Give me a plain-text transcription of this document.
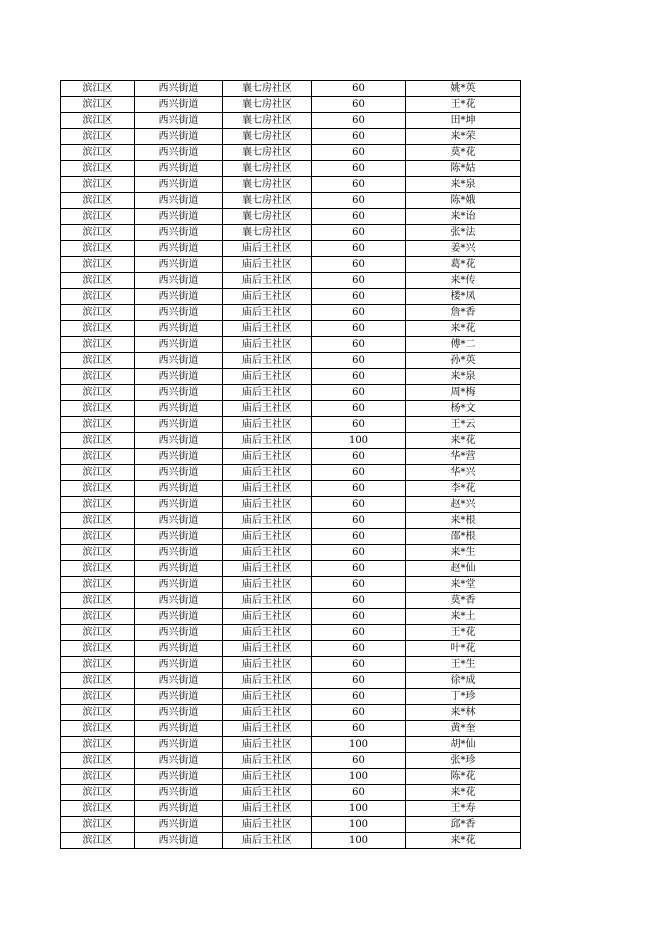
滨江区	西兴街道	襄七房社区	60	姚*英
滨江区	西兴街道	襄七房社区	60	王*花
滨江区	西兴街道	襄七房社区	60	田*坤
滨江区	西兴街道	襄七房社区	60	来*荣
滨江区	西兴街道	襄七房社区	60	莫*花
滨江区	西兴街道	襄七房社区	60	陈*姑
滨江区	西兴街道	襄七房社区	60	来*泉
滨江区	西兴街道	襄七房社区	60	陈*娥
滨江区	西兴街道	襄七房社区	60	来*诒
滨江区	西兴街道	襄七房社区	60	张*法
滨江区	西兴街道	庙后王社区	60	姜*兴
滨江区	西兴街道	庙后王社区	60	葛*花
滨江区	西兴街道	庙后王社区	60	来*传
滨江区	西兴街道	庙后王社区	60	楼*凤
滨江区	西兴街道	庙后王社区	60	詹*香
滨江区	西兴街道	庙后王社区	60	来*花
滨江区	西兴街道	庙后王社区	60	傅*二
滨江区	西兴街道	庙后王社区	60	孙*英
滨江区	西兴街道	庙后王社区	60	来*泉
滨江区	西兴街道	庙后王社区	60	周*梅
滨江区	西兴街道	庙后王社区	60	杨*文
滨江区	西兴街道	庙后王社区	60	王*云
滨江区	西兴街道	庙后王社区	100	来*花
滨江区	西兴街道	庙后王社区	60	华*营
滨江区	西兴街道	庙后王社区	60	华*兴
滨江区	西兴街道	庙后王社区	60	李*花
滨江区	西兴街道	庙后王社区	60	赵*兴
滨江区	西兴街道	庙后王社区	60	来*根
滨江区	西兴街道	庙后王社区	60	邵*根
滨江区	西兴街道	庙后王社区	60	来*生
滨江区	西兴街道	庙后王社区	60	赵*仙
滨江区	西兴街道	庙后王社区	60	来*堂
滨江区	西兴街道	庙后王社区	60	莫*香
滨江区	西兴街道	庙后王社区	60	来*土
滨江区	西兴街道	庙后王社区	60	王*花
滨江区	西兴街道	庙后王社区	60	叶*花
滨江区	西兴街道	庙后王社区	60	王*生
滨江区	西兴街道	庙后王社区	60	徐*成
滨江区	西兴街道	庙后王社区	60	丁*珍
滨江区	西兴街道	庙后王社区	60	来*林
滨江区	西兴街道	庙后王社区	60	黄*奎
滨江区	西兴街道	庙后王社区	100	胡*仙
滨江区	西兴街道	庙后王社区	60	张*珍
滨江区	西兴街道	庙后王社区	100	陈*花
滨江区	西兴街道	庙后王社区	60	来*花
滨江区	西兴街道	庙后王社区	100	王*寿
滨江区	西兴街道	庙后王社区	100	邱*香
滨江区	西兴街道	庙后王社区	100	来*花
